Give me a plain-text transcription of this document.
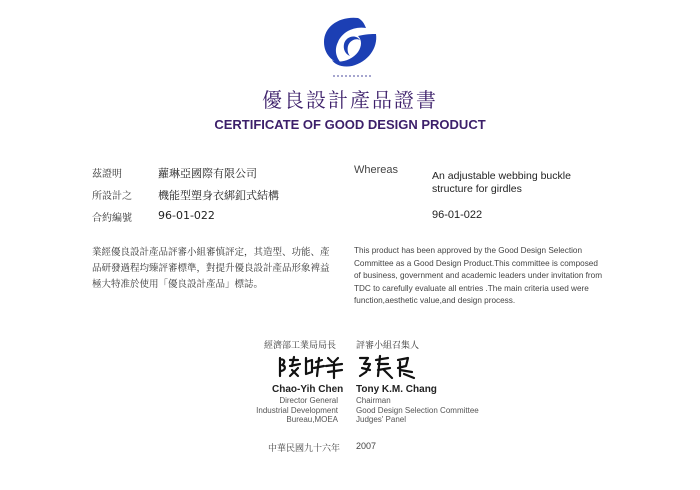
優良設計產品證書
CERTIFICATE OF GOOD DESIGN PRODUCT
茲證明	蘿琳亞國際有限公司
所設計之	機能型塑身衣綁釦式結構
合約編號	96-01-022
Whereas	An adjustable webbing buckle structure for girdles
96-01-022
業經優良設計產品評審小組審慎評定，其造型、功能、產品研發過程均臻評審標準，對提升優良設計產品形象裨益極大特准於使用「優良設計產品」標誌。
This product has been approved by the Good Design Selection Committee as a Good Design Product.This committee is composed of business, government and academic leaders under invitation from TDC to carefully evaluate all entries .The main criteria used were function,aesthetic value,and design process.
經濟部工業局局長 評審小組召集人
Chao-Yih Chen Tony K.M. Chang
Director General
Industrial Development Bureau,MOEA
Chairman
Good Design Selection Committee
Judges' Panel
中華民國九十六年 2007
